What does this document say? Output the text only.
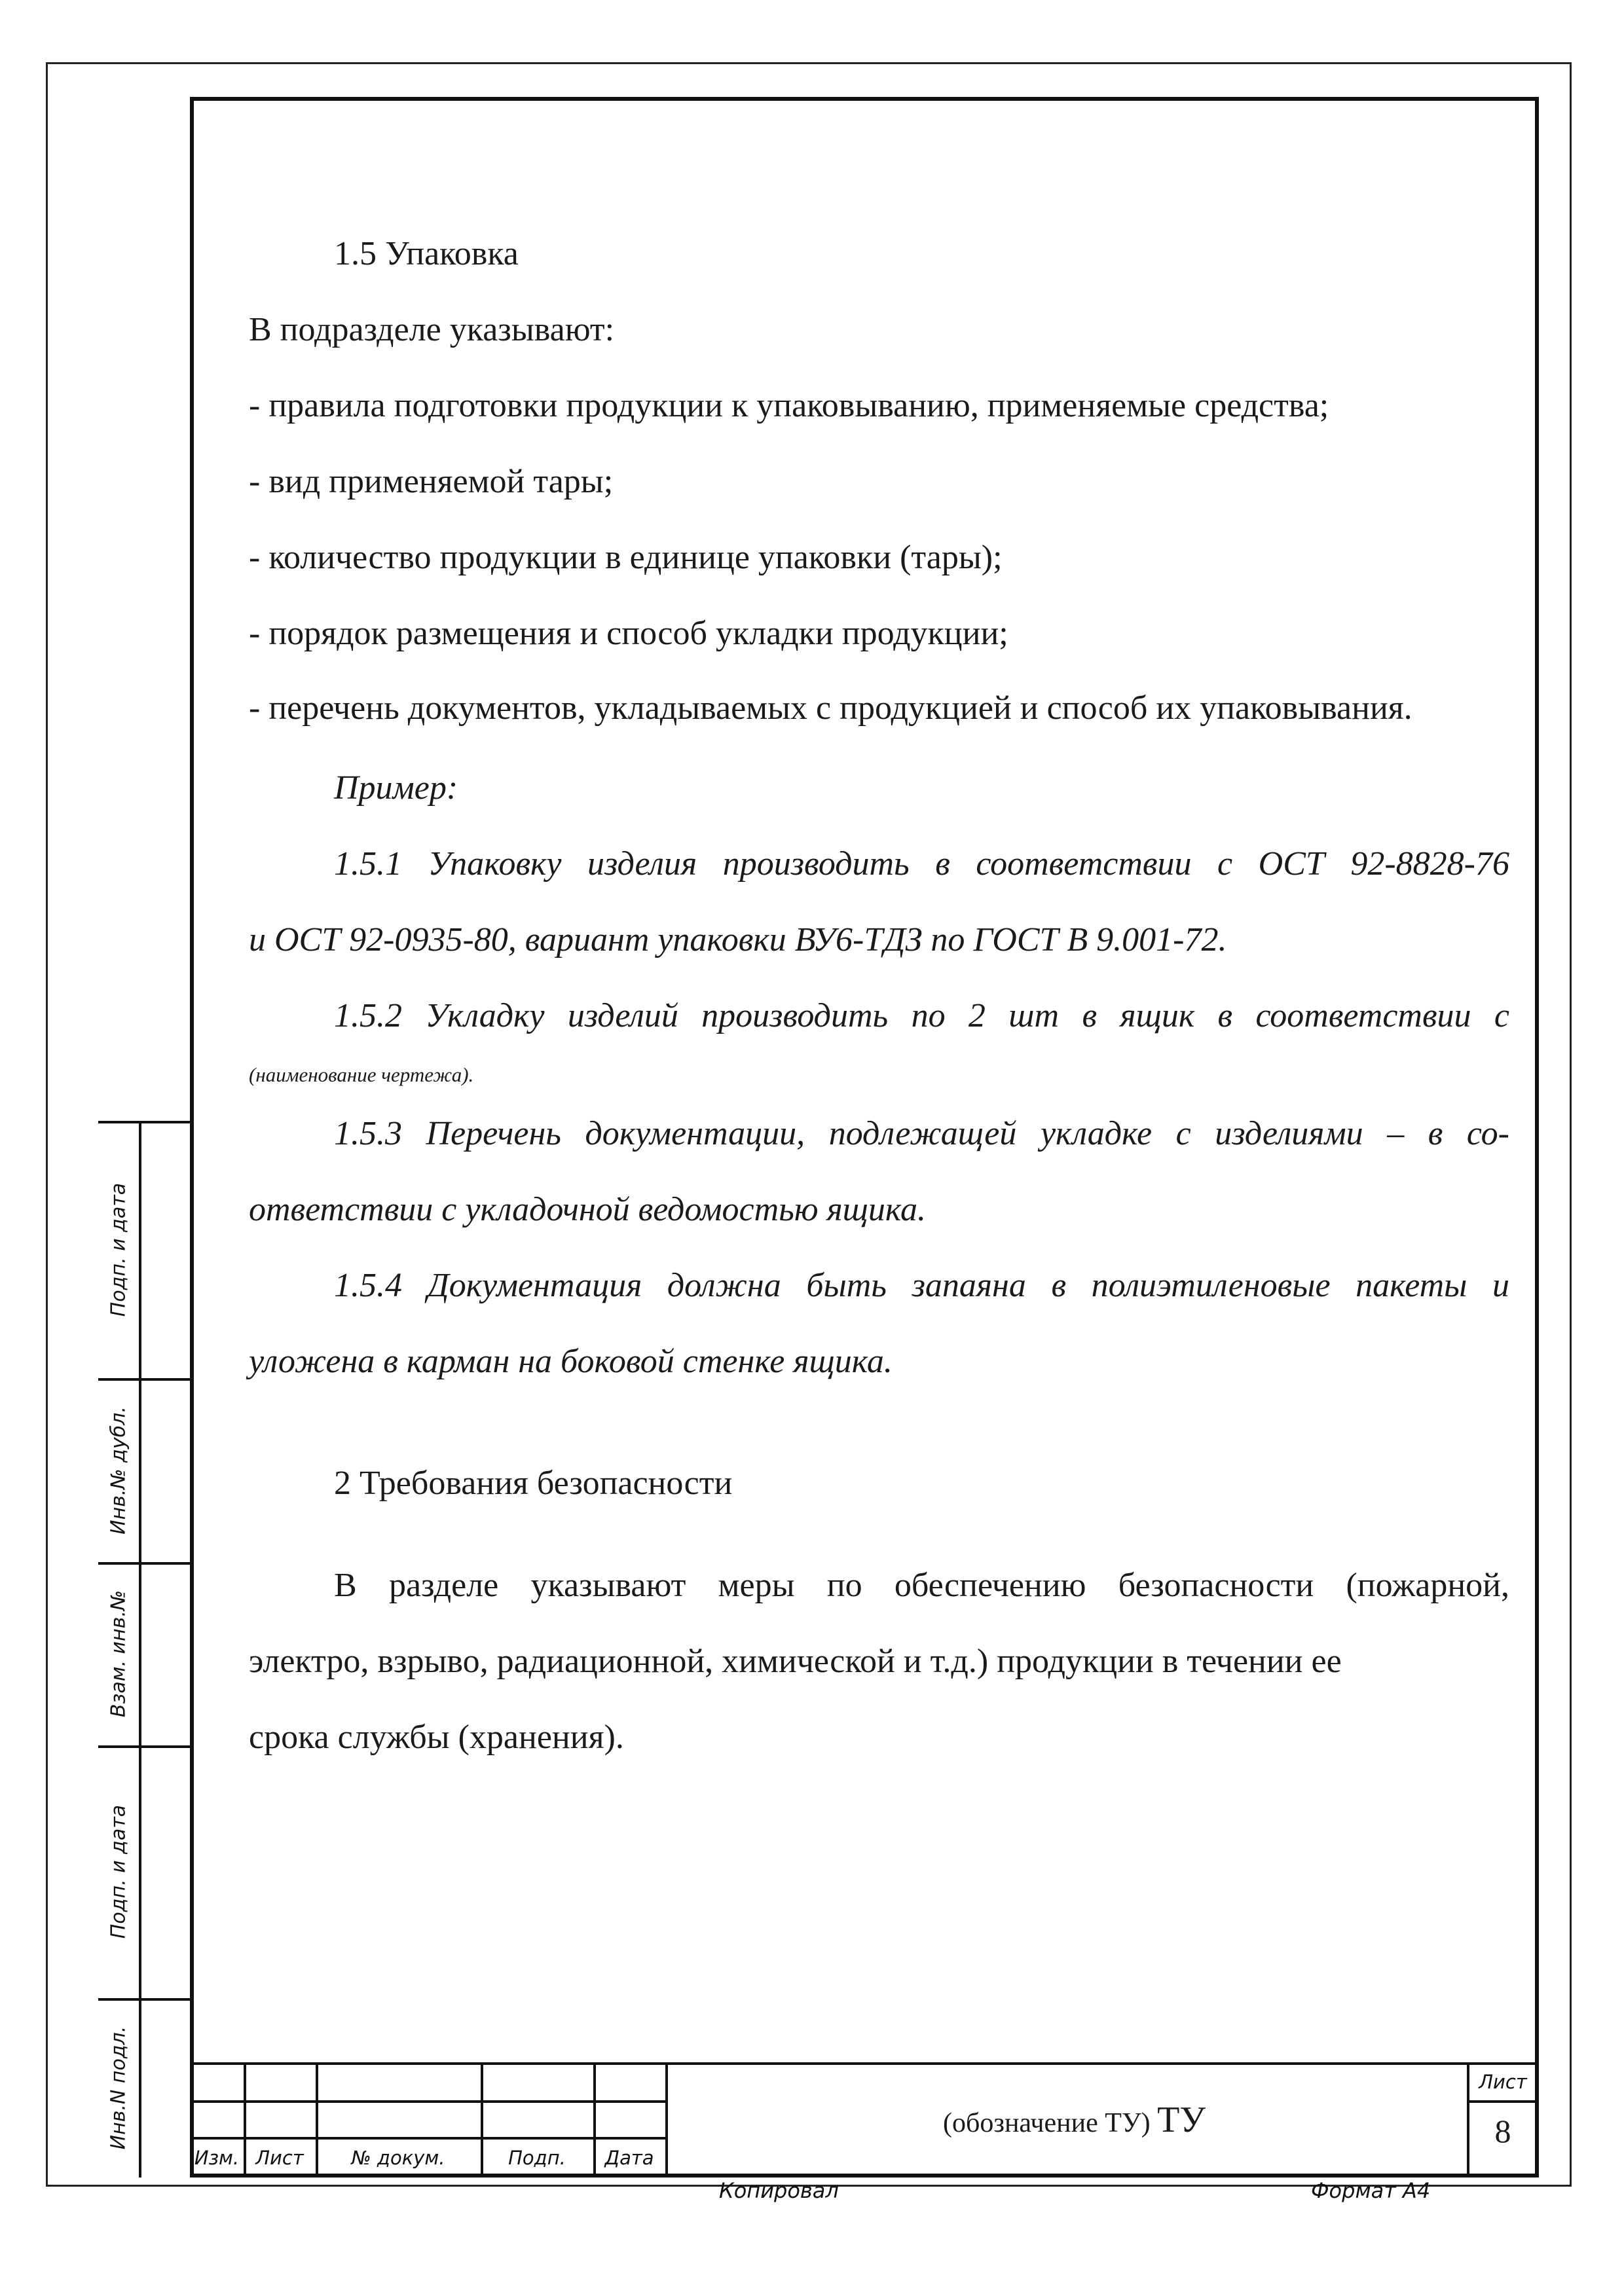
1.5 Упаковка

В подразделе указывают:

- правила подготовки продукции к упаковыванию, применяемые средства;

- вид применяемой тары;

- количество продукции в единице упаковки (тары);

- порядок размещения и способ укладки продукции;

- перечень документов, укладываемых с продукцией и способ их упаковывания.

Пример:

1.5.1 Упаковку изделия производить в соответствии с ОСТ 92-8828-76

и ОСТ 92-0935-80, вариант упаковки ВУ6-ТДЗ по ГОСТ В 9.001-72.

1.5.2 Укладку изделий производить по 2 шт в ящик в соответствии с

(наименование чертежа).

1.5.3 Перечень документации, подлежащей укладке с изделиями – в со-

ответствии с укладочной ведомостью ящика.

1.5.4 Документация должна быть запаяна в полиэтиленовые пакеты и

уложена в карман на боковой стенке ящика.

2 Требования безопасности

В разделе указывают меры по обеспечению безопасности (пожарной,

электро, взрыво, радиационной, химической и т.д.) продукции в течении ее

срока службы (хранения).

Подп. и дата
Инв.№ дубл.
Взам. инв.№
Подп. и дата
Инв.N подл.
Изм. Лист	№ докум.	Подп.	Дата
(обозначение ТУ) ТУ
Лист
8
Копировал	Формат А4
